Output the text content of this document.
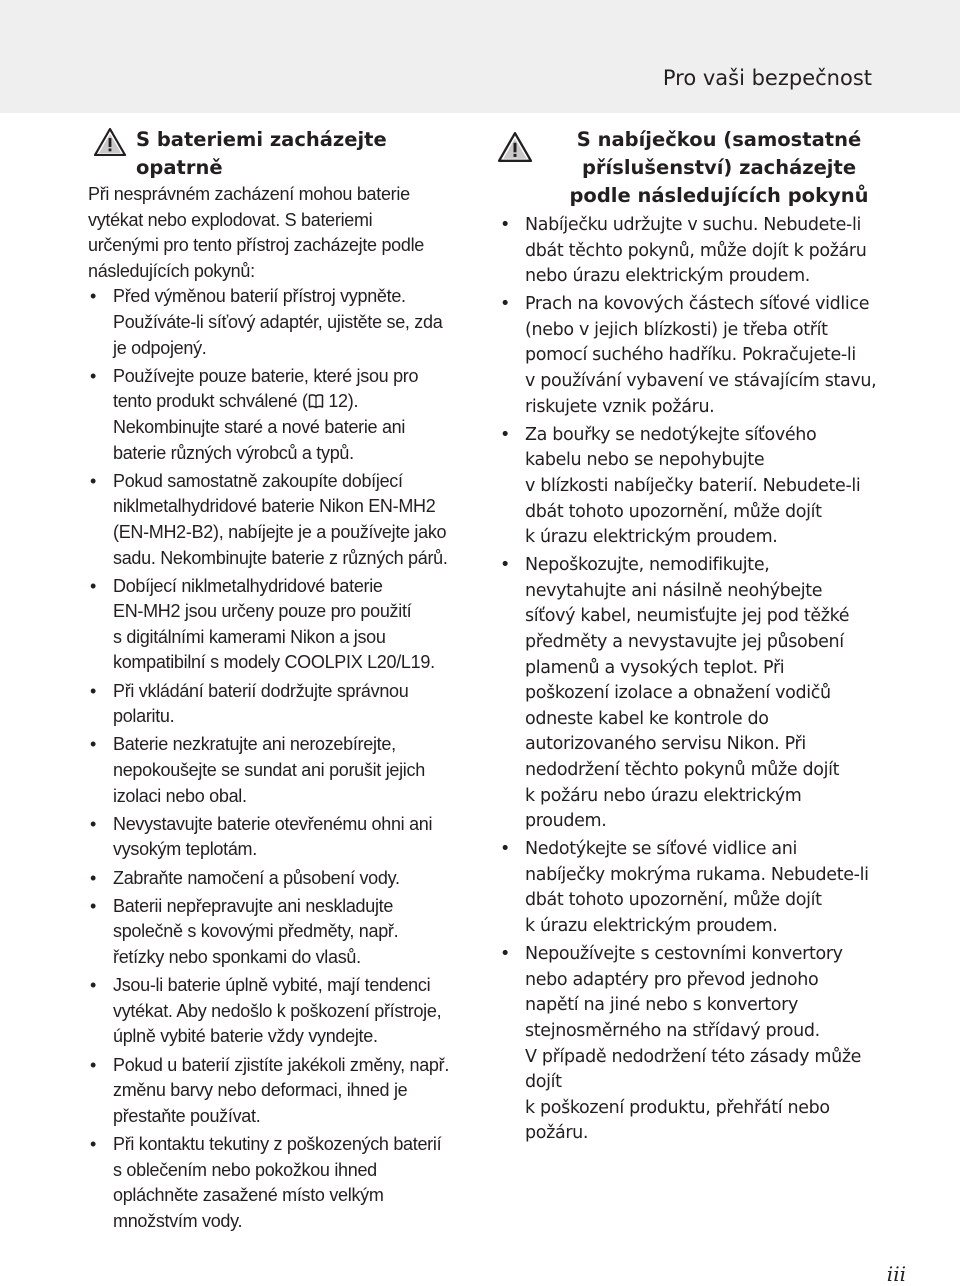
Pro vaši bezpečnost
S bateriemi zacházejte opatrně

Při nesprávném zacházení mohou baterie
vytékat nebo explodovat. S bateriemi
určenými pro tento přístroj zacházejte podle
následujících pokynů:

• Před výměnou baterií přístroj vypněte.
Používáte-li síťový adaptér, ujistěte se, zda
je odpojený.
• Používejte pouze baterie, které jsou pro
tento produkt schválené ( 12).
Nekombinujte staré a nové baterie ani
baterie různých výrobců a typů.
• Pokud samostatně zakoupíte dobíjecí
niklmetalhydridové baterie Nikon EN-MH2
(EN-MH2-B2), nabíjejte je a používejte jako
sadu. Nekombinujte baterie z různých párů.
• Dobíjecí niklmetalhydridové baterie
EN-MH2 jsou určeny pouze pro použití
s digitálními kamerami Nikon a jsou
kompatibilní s modely COOLPIX L20/L19.
• Při vkládání baterií dodržujte správnou
polaritu.
• Baterie nezkratujte ani nerozebírejte,
nepokoušejte se sundat ani porušit jejich
izolaci nebo obal.
• Nevystavujte baterie otevřenému ohni ani
vysokým teplotám.
• Zabraňte namočení a působení vody.
• Baterii nepřepravujte ani neskladujte
společně s kovovými předměty, např.
řetízky nebo sponkami do vlasů.
• Jsou-li baterie úplně vybité, mají tendenci
vytékat. Aby nedošlo k poškození přístroje,
úplně vybité baterie vždy vyndejte.
• Pokud u baterií zjistíte jakékoli změny, např.
změnu barvy nebo deformaci, ihned je
přestaňte používat.
• Při kontaktu tekutiny z poškozených baterií
s oblečením nebo pokožkou ihned
opláchněte zasažené místo velkým
množstvím vody.
S nabíječkou (samostatné
příslušenství) zacházejte
podle následujících pokynů
• Nabíječku udržujte v suchu. Nebudete-li
dbát těchto pokynů, může dojít k požáru
nebo úrazu elektrickým proudem.
• Prach na kovových částech síťové vidlice
(nebo v jejich blízkosti) je třeba otřít
pomocí suchého hadříku. Pokračujete-li
v používání vybavení ve stávajícím stavu,
riskujete vznik požáru.
• Za bouřky se nedotýkejte síťového
kabelu nebo se nepohybujte
v blízkosti nabíječky baterií. Nebudete-li
dbát tohoto upozornění, může dojít
k úrazu elektrickým proudem.
• Nepoškozujte, nemodifikujte,
nevytahujte ani násilně neohýbejte
síťový kabel, neumisťujte jej pod těžké
předměty a nevystavujte jej působení
plamenů a vysokých teplot. Při
poškození izolace a obnažení vodičů
odneste kabel ke kontrole do
autorizovaného servisu Nikon. Při
nedodržení těchto pokynů může dojít
k požáru nebo úrazu elektrickým
proudem.
• Nedotýkejte se síťové vidlice ani
nabíječky mokrýma rukama. Nebudete-li
dbát tohoto upozornění, může dojít
k úrazu elektrickým proudem.
• Nepoužívejte s cestovními konvertory
nebo adaptéry pro převod jednoho
napětí na jiné nebo s konvertory
stejnosměrného na střídavý proud.
V případě nedodržení této zásady může
dojít
k poškození produktu, přehřátí nebo
požáru.
iii
